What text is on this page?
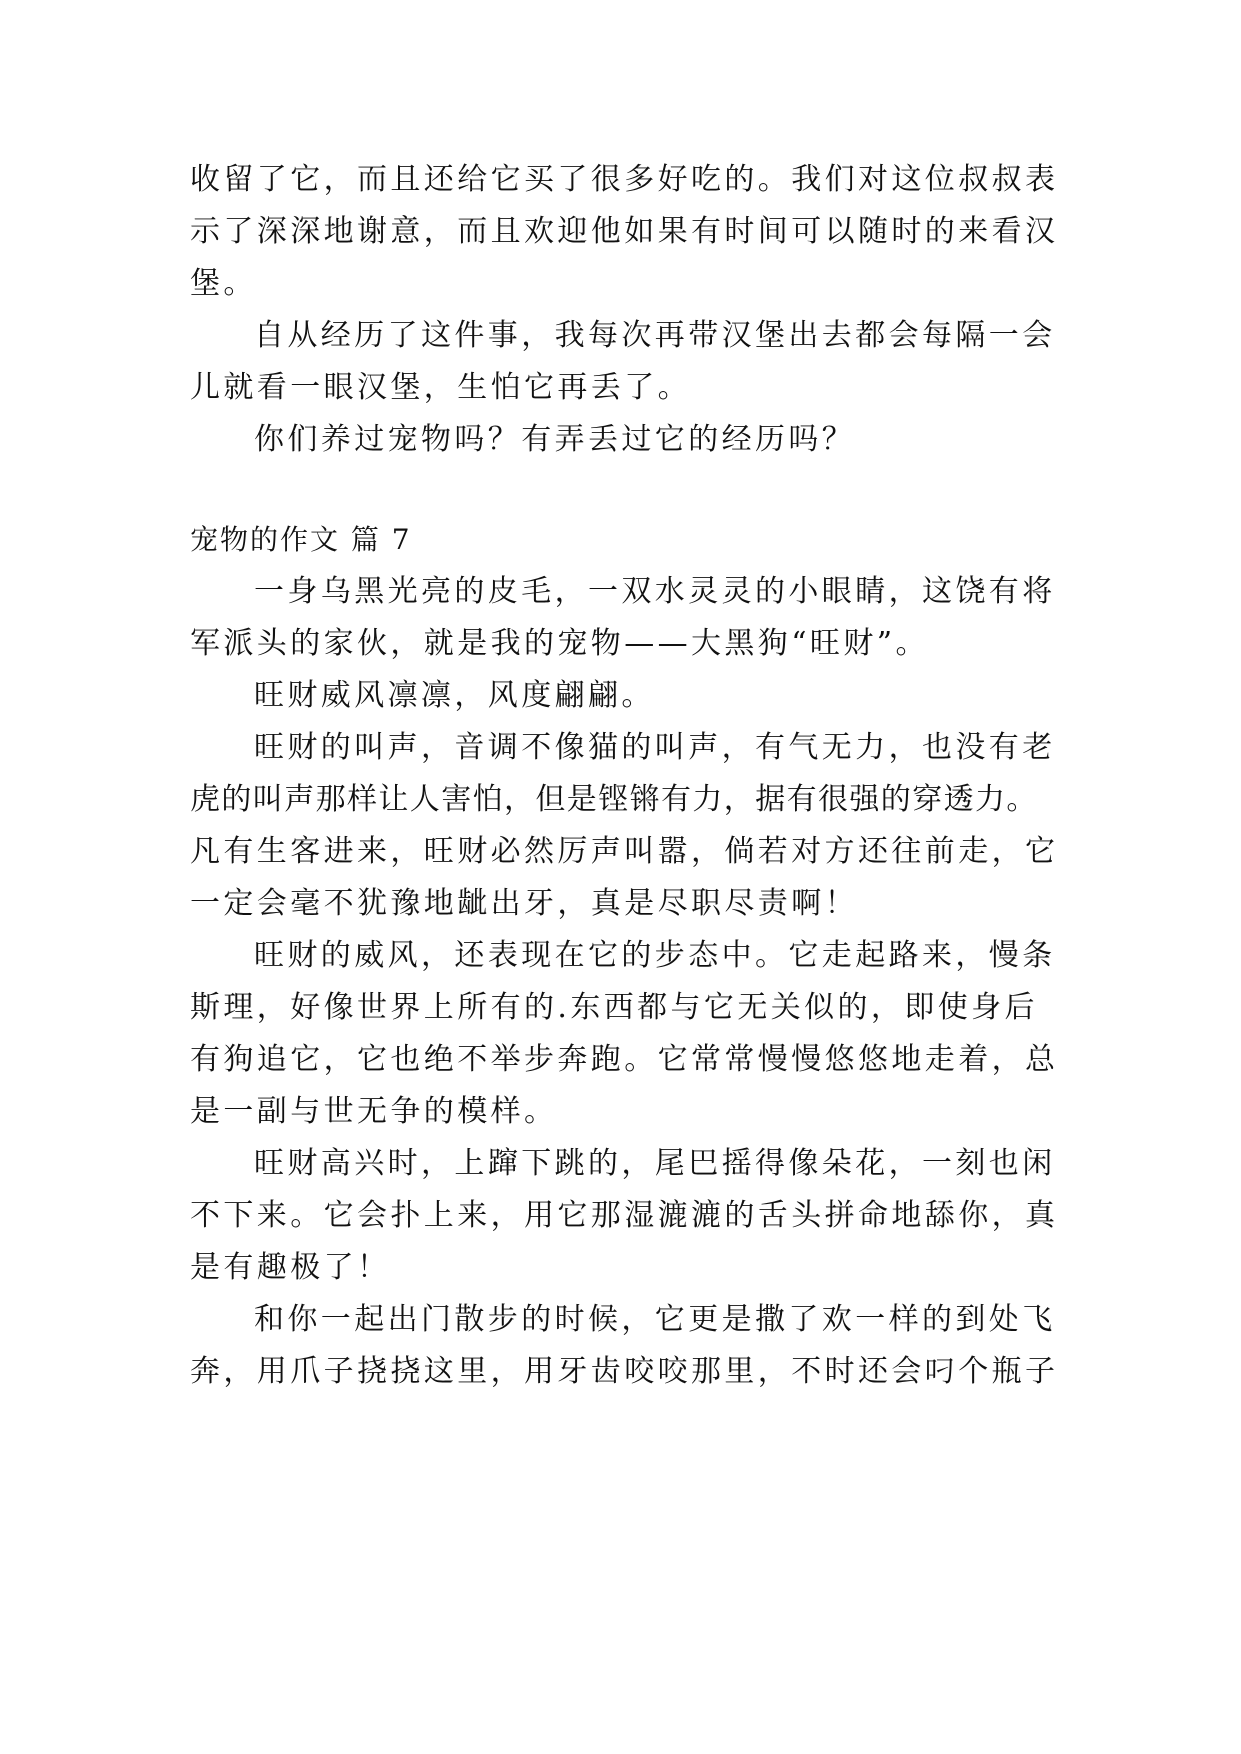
收留了它，而且还给它买了很多好吃的。我们对这位叔叔表
示了深深地谢意，而且欢迎他如果有时间可以随时的来看汉
堡。
自从经历了这件事，我每次再带汉堡出去都会每隔一会
儿就看一眼汉堡，生怕它再丢了。
你们养过宠物吗？有弄丢过它的经历吗？
宠物的作文 篇 7
一身乌黑光亮的皮毛，一双水灵灵的小眼睛，这饶有将
军派头的家伙，就是我的宠物——大黑狗“旺财”。
旺财威风凛凛，风度翩翩。
旺财的叫声，音调不像猫的叫声，有气无力，也没有老
虎的叫声那样让人害怕，但是铿锵有力，据有很强的穿透力。
凡有生客进来，旺财必然厉声叫嚣，倘若对方还往前走，它
一定会毫不犹豫地龇出牙，真是尽职尽责啊！
旺财的威风，还表现在它的步态中。它走起路来，慢条
斯理，好像世界上所有的.东西都与它无关似的，即使身后
有狗追它，它也绝不举步奔跑。它常常慢慢悠悠地走着，总
是一副与世无争的模样。
旺财高兴时，上蹿下跳的，尾巴摇得像朵花，一刻也闲
不下来。它会扑上来，用它那湿漉漉的舌头拼命地舔你，真
是有趣极了！
和你一起出门散步的时候，它更是撒了欢一样的到处飞
奔，用爪子挠挠这里，用牙齿咬咬那里，不时还会叼个瓶子
